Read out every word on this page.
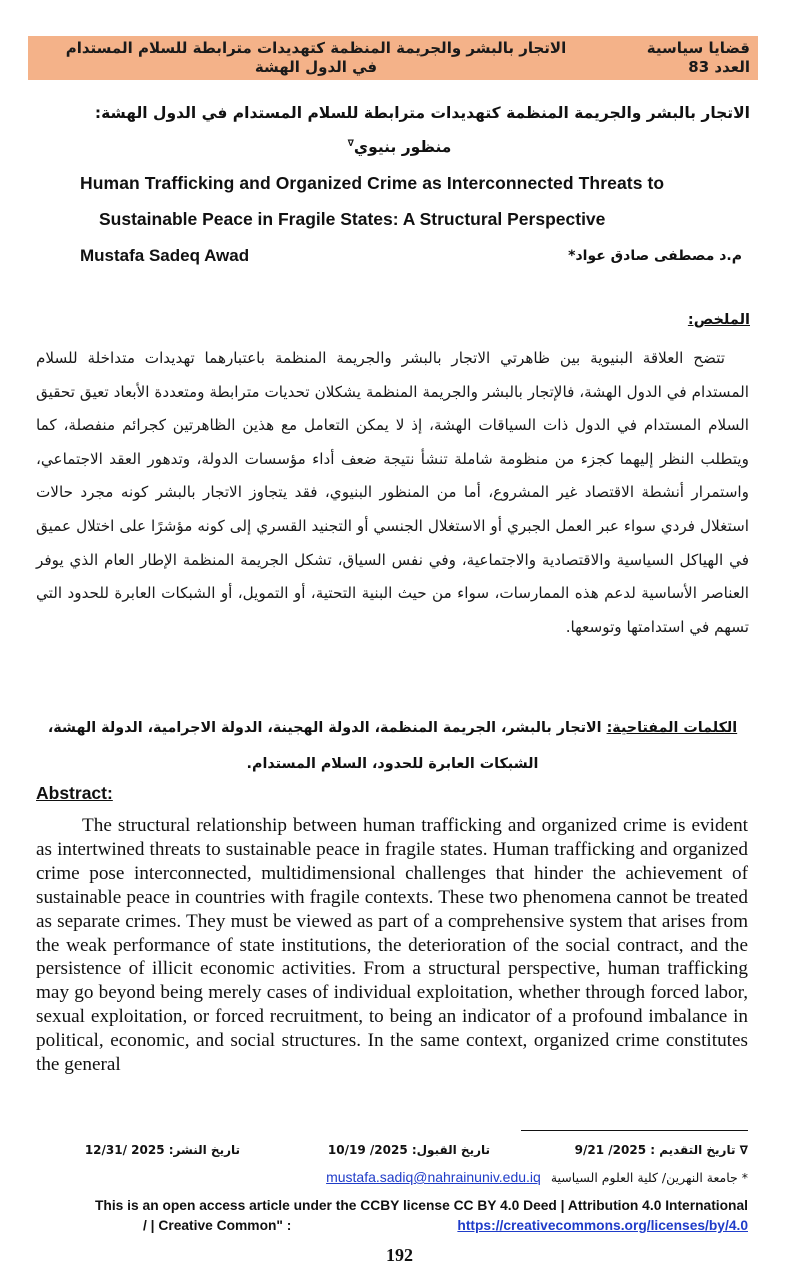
قضايا سياسية
العدد 83
الاتجار بالبشر والجريمة المنظمة كتهديدات مترابطة للسلام المستدام
في الدول الهشة
الاتجار بالبشر والجريمة المنظمة كتهديدات مترابطة للسلام المستدام في الدول الهشة:
منظور بنيوي∇
Human Trafficking and Organized Crime as Interconnected Threats to
Sustainable Peace in Fragile States: A Structural Perspective
Mustafa Sadeq Awad	م.د مصطفى صادق عواد*
الملخص:
تتضح العلاقة البنيوية بين ظاهرتي الاتجار بالبشر والجريمة المنظمة باعتبارهما تهديدات متداخلة للسلام المستدام في الدول الهشة، فالإتجار بالبشر والجريمة المنظمة يشكلان تحديات مترابطة ومتعددة الأبعاد تعيق تحقيق السلام المستدام في الدول ذات السياقات الهشة، إذ لا يمكن التعامل مع هذين الظاهرتين كجرائم منفصلة، كما ويتطلب النظر إليهما كجزء من منظومة شاملة تنشأ نتيجة ضعف أداء مؤسسات الدولة، وتدهور العقد الاجتماعي، واستمرار أنشطة الاقتصاد غير المشروع، أما من المنظور البنيوي، فقد يتجاوز الاتجار بالبشر كونه مجرد حالات استغلال فردي سواء عبر العمل الجبري أو الاستغلال الجنسي أو التجنيد القسري إلى كونه مؤشرًا على اختلال عميق في الهياكل السياسية والاقتصادية والاجتماعية، وفي نفس السياق، تشكل الجريمة المنظمة الإطار العام الذي يوفر العناصر الأساسية لدعم هذه الممارسات، سواء من حيث البنية التحتية، أو التمويل، أو الشبكات العابرة للحدود التي تسهم في استدامتها وتوسعها.
الكلمات المفتاحية: الاتجار بالبشر، الجريمة المنظمة، الدولة الهجينة، الدولة الاجرامية، الدولة الهشة،
الشبكات العابرة للحدود، السلام المستدام.
Abstract:
The structural relationship between human trafficking and organized crime is evident as intertwined threats to sustainable peace in fragile states. Human trafficking and organized crime pose interconnected, multidimensional challenges that hinder the achievement of sustainable peace in countries with fragile contexts. These two phenomena cannot be treated as separate crimes. They must be viewed as part of a comprehensive system that arises from the weak performance of state institutions, the deterioration of the social contract, and the persistence of illicit economic activities. From a structural perspective, human trafficking may go beyond being merely cases of individual exploitation, whether through forced labor, sexual exploitation, or forced recruitment, to being an indicator of a profound imbalance in political, economic, and social structures. In the same context, organized crime constitutes the general
∇ تاريخ التقديم : 2025/ 9/21
تاريخ القبول: 2025/ 10/19
تاريخ النشر: 2025 /12/31
* جامعة النهرين/ كلية العلوم السياسية mustafa.sadiq@nahrainuniv.edu.iq
This is an open access article under the CCBY license CC BY 4.0 Deed | Attribution 4.0 International
/ | Creative Common" :	https://creativecommons.org/licenses/by/4.0
192
